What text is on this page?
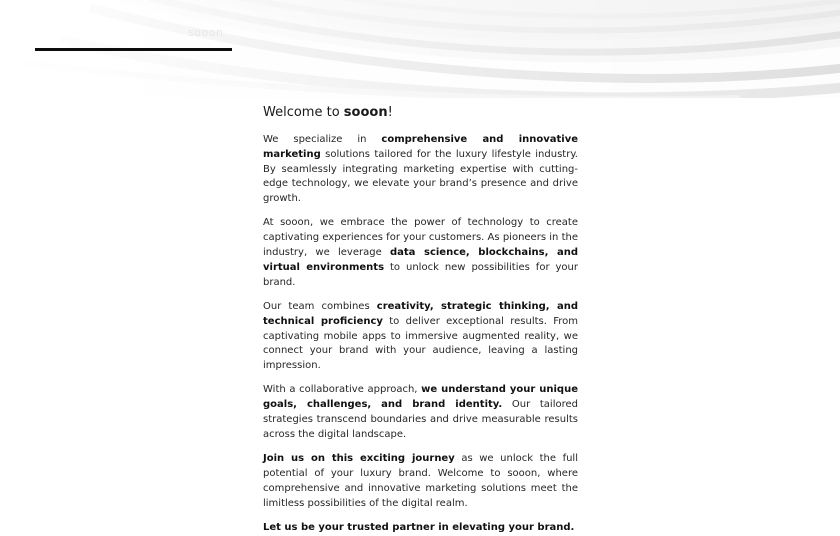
sooon
Welcome to sooon!

We specialize in comprehensive and innovative marketing solutions tailored for the luxury lifestyle industry. By seamlessly integrating marketing expertise with cutting-edge technology, we elevate your brand’s presence and drive growth.

At sooon, we embrace the power of technology to create captivating experiences for your customers. As pioneers in the industry, we leverage data science, blockchains, and virtual environments to unlock new possibilities for your brand.

Our team combines creativity, strategic thinking, and technical proficiency to deliver exceptional results. From captivating mobile apps to immersive augmented reality, we connect your brand with your audience, leaving a lasting impression.

With a collaborative approach, we understand your unique goals, challenges, and brand identity. Our tailored strategies transcend boundaries and drive measurable results across the digital landscape.

Join us on this exciting journey as we unlock the full potential of your luxury brand. Welcome to sooon, where comprehensive and innovative marketing solutions meet the limitless possibilities of the digital realm.

Let us be your trusted partner in elevating your brand.
